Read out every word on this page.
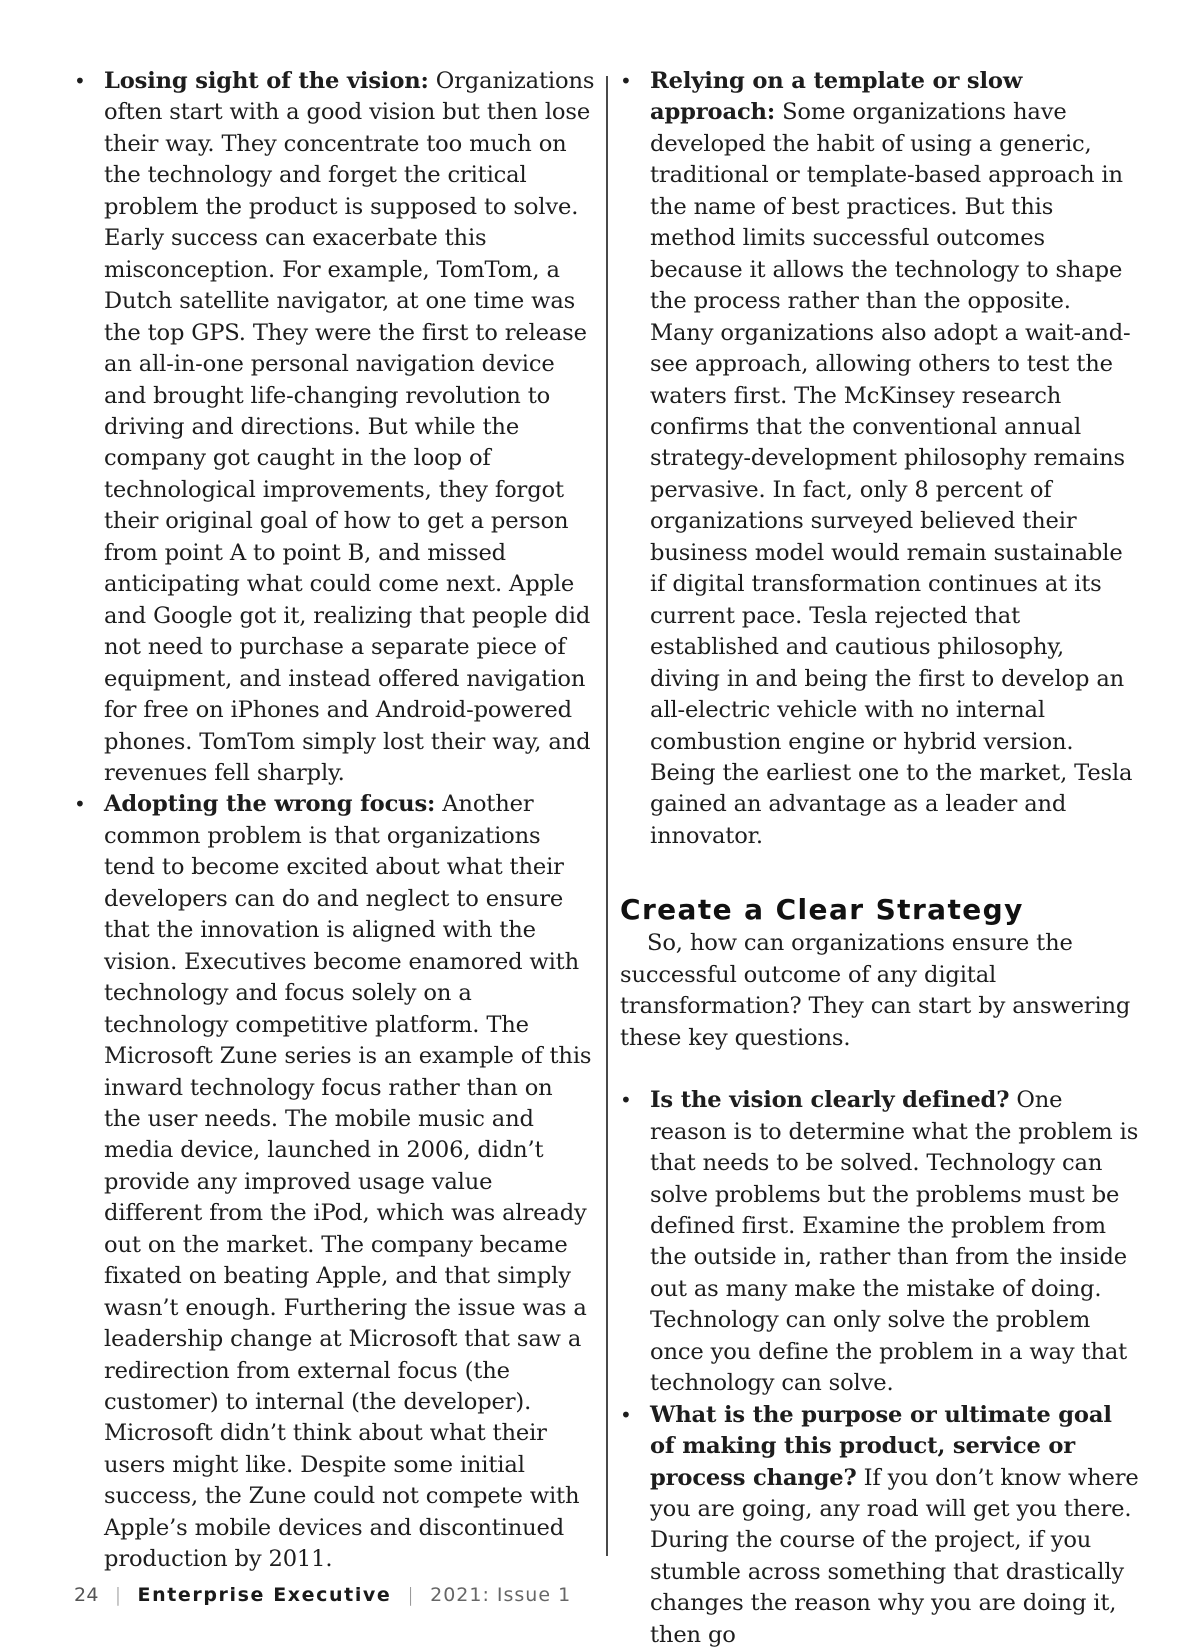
• Losing sight of the vision: Organizations often start with a good vision but then lose their way. They concentrate too much on the technology and forget the critical problem the product is supposed to solve. Early success can exacerbate this misconception. For example, TomTom, a Dutch satellite navigator, at one time was the top GPS. They were the first to release an all-in-one personal navigation device and brought life-changing revolution to driving and directions. But while the company got caught in the loop of technological improvements, they forgot their original goal of how to get a person from point A to point B, and missed anticipating what could come next. Apple and Google got it, realizing that people did not need to purchase a separate piece of equipment, and instead offered navigation for free on iPhones and Android-powered phones. TomTom simply lost their way, and revenues fell sharply.
• Adopting the wrong focus: Another common problem is that organizations tend to become excited about what their developers can do and neglect to ensure that the innovation is aligned with the vision. Executives become enamored with technology and focus solely on a technology competitive platform. The Microsoft Zune series is an example of this inward technology focus rather than on the user needs. The mobile music and media device, launched in 2006, didn’t provide any improved usage value different from the iPod, which was already out on the market. The company became fixated on beating Apple, and that simply wasn’t enough. Furthering the issue was a leadership change at Microsoft that saw a redirection from external focus (the customer) to internal (the developer). Microsoft didn’t think about what their users might like. Despite some initial success, the Zune could not compete with Apple’s mobile devices and discontinued production by 2011.
• Relying on a template or slow approach: Some organizations have developed the habit of using a generic, traditional or template-based approach in the name of best practices. But this method limits successful outcomes because it allows the technology to shape the process rather than the opposite. Many organizations also adopt a wait-and-see approach, allowing others to test the waters first. The McKinsey research confirms that the conventional annual strategy-development philosophy remains pervasive. In fact, only 8 percent of organizations surveyed believed their business model would remain sustainable if digital transformation continues at its current pace. Tesla rejected that established and cautious philosophy, diving in and being the first to develop an all-electric vehicle with no internal combustion engine or hybrid version. Being the earliest one to the market, Tesla gained an advantage as a leader and innovator.
Create a Clear Strategy

So, how can organizations ensure the successful outcome of any digital transformation? They can start by answering these key questions.

• Is the vision clearly defined? One reason is to determine what the problem is that needs to be solved. Technology can solve problems but the problems must be defined first. Examine the problem from the outside in, rather than from the inside out as many make the mistake of doing. Technology can only solve the problem once you define the problem in a way that technology can solve.
• What is the purpose or ultimate goal of making this product, service or process change? If you don’t know where you are going, any road will get you there. During the course of the project, if you stumble across something that drastically changes the reason why you are doing it, then go
24 | Enterprise Executive | 2021: Issue 1
